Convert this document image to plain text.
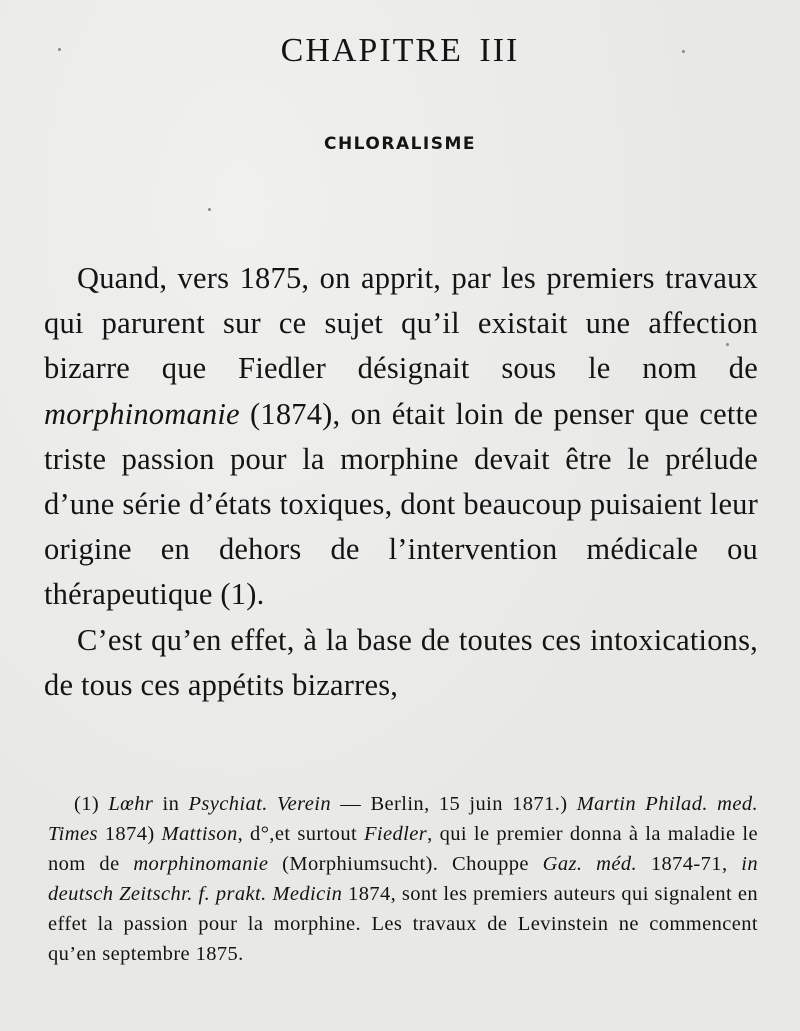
CHAPITRE III
CHLORALISME

Quand, vers 1875, on apprit, par les premiers travaux qui parurent sur ce sujet qu’il existait une affection bizarre que Fiedler désignait sous le nom de morphinomanie (1874), on était loin de penser que cette triste passion pour la morphine devait être le prélude d’une série d’états toxiques, dont beaucoup puisaient leur origine en dehors de l’intervention médicale ou thérapeutique (1).

C’est qu’en effet, à la base de toutes ces intoxications, de tous ces appétits bizarres,

(1) Lœhr in Psychiat. Verein — Berlin, 15 juin 1871.) Martin Philad. med. Times 1874) Mattison, d°,et surtout Fiedler, qui le premier donna à la maladie le nom de morphinomanie (Morphiumsucht). Chouppe Gaz. méd. 1874-71, in deutsch Zeitschr. f. prakt. Medicin 1874, sont les premiers auteurs qui signalent en effet la passion pour la morphine. Les travaux de Levinstein ne commencent qu’en septembre 1875.
